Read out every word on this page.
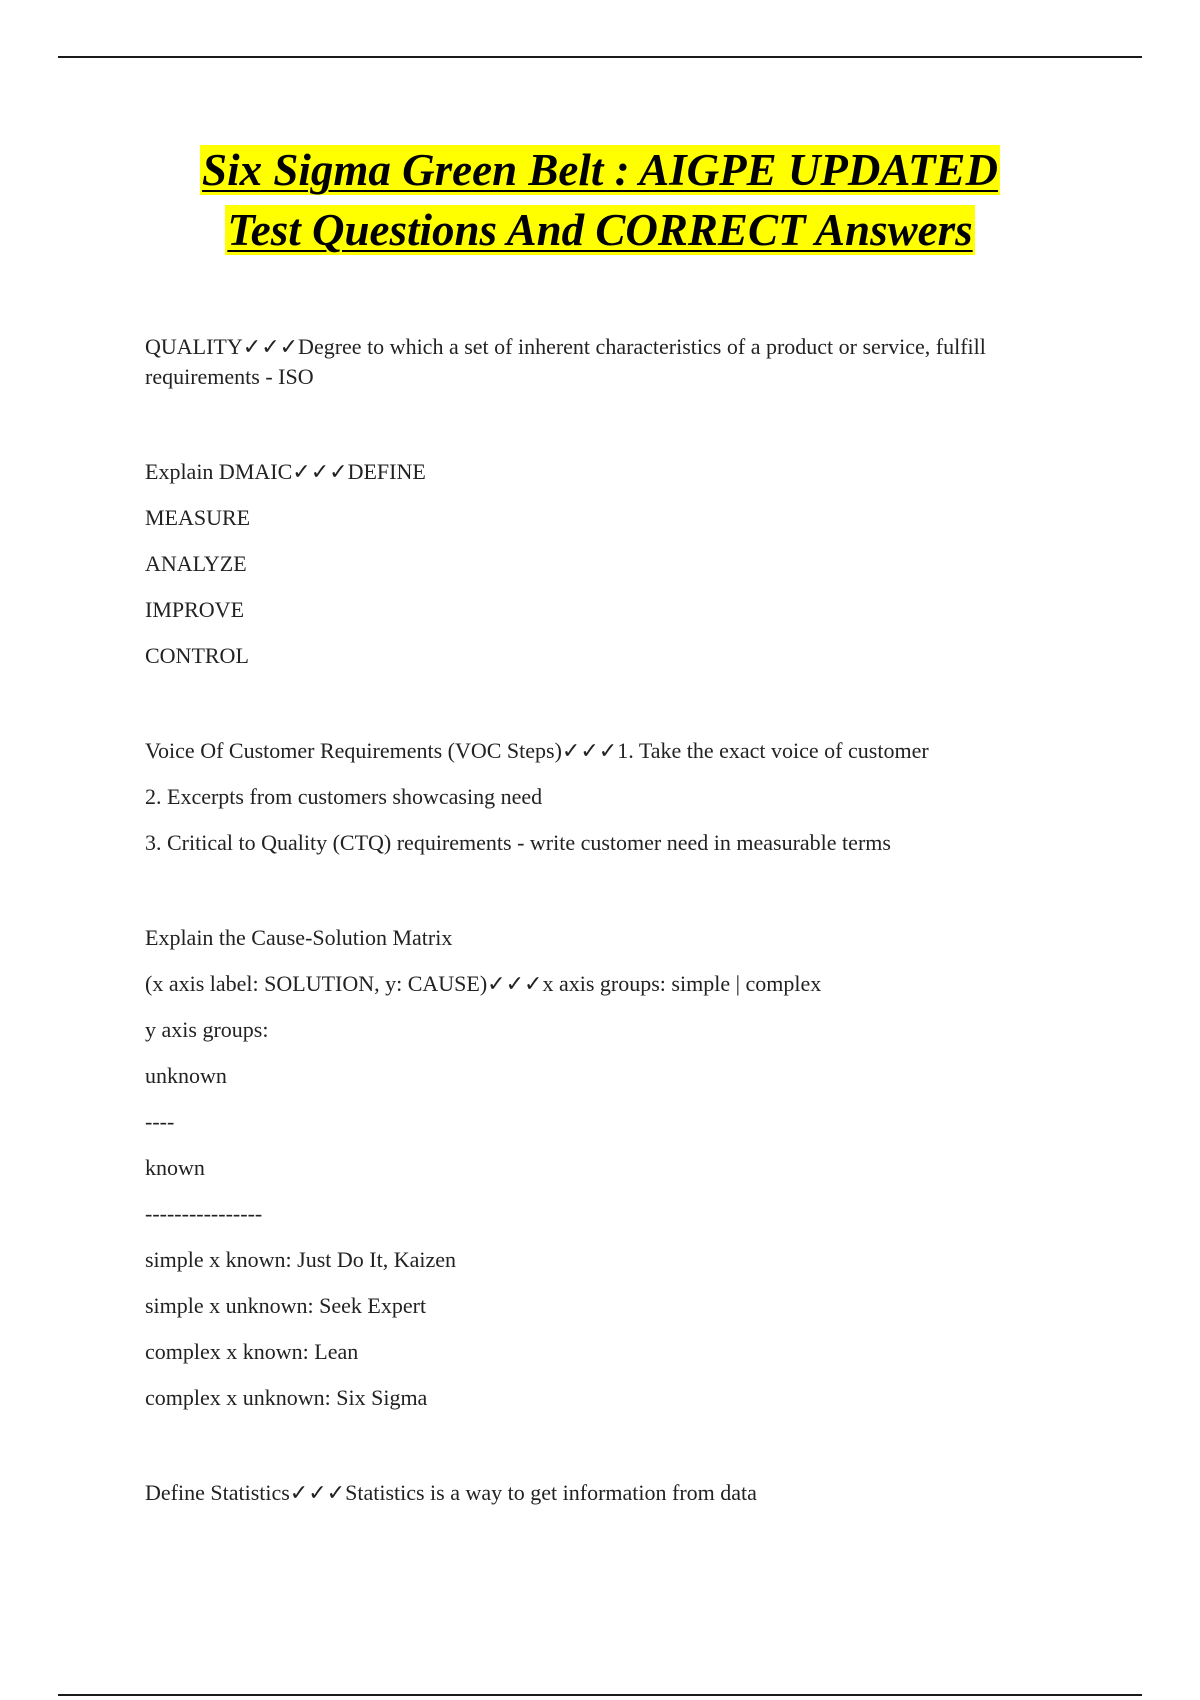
Six Sigma Green Belt : AIGPE UPDATED
Test Questions And CORRECT Answers

QUALITY✓✓✓Degree to which a set of inherent characteristics of a product or service, fulfill requirements - ISO

Explain DMAIC✓✓✓DEFINE

MEASURE

ANALYZE

IMPROVE

CONTROL

Voice Of Customer Requirements (VOC Steps)✓✓✓1. Take the exact voice of customer

2. Excerpts from customers showcasing need

3. Critical to Quality (CTQ) requirements - write customer need in measurable terms

Explain the Cause-Solution Matrix

(x axis label: SOLUTION, y: CAUSE)✓✓✓x axis groups: simple | complex

y axis groups:

unknown

----

known

----------------

simple x known: Just Do It, Kaizen

simple x unknown: Seek Expert

complex x known: Lean

complex x unknown: Six Sigma

Define Statistics✓✓✓Statistics is a way to get information from data
